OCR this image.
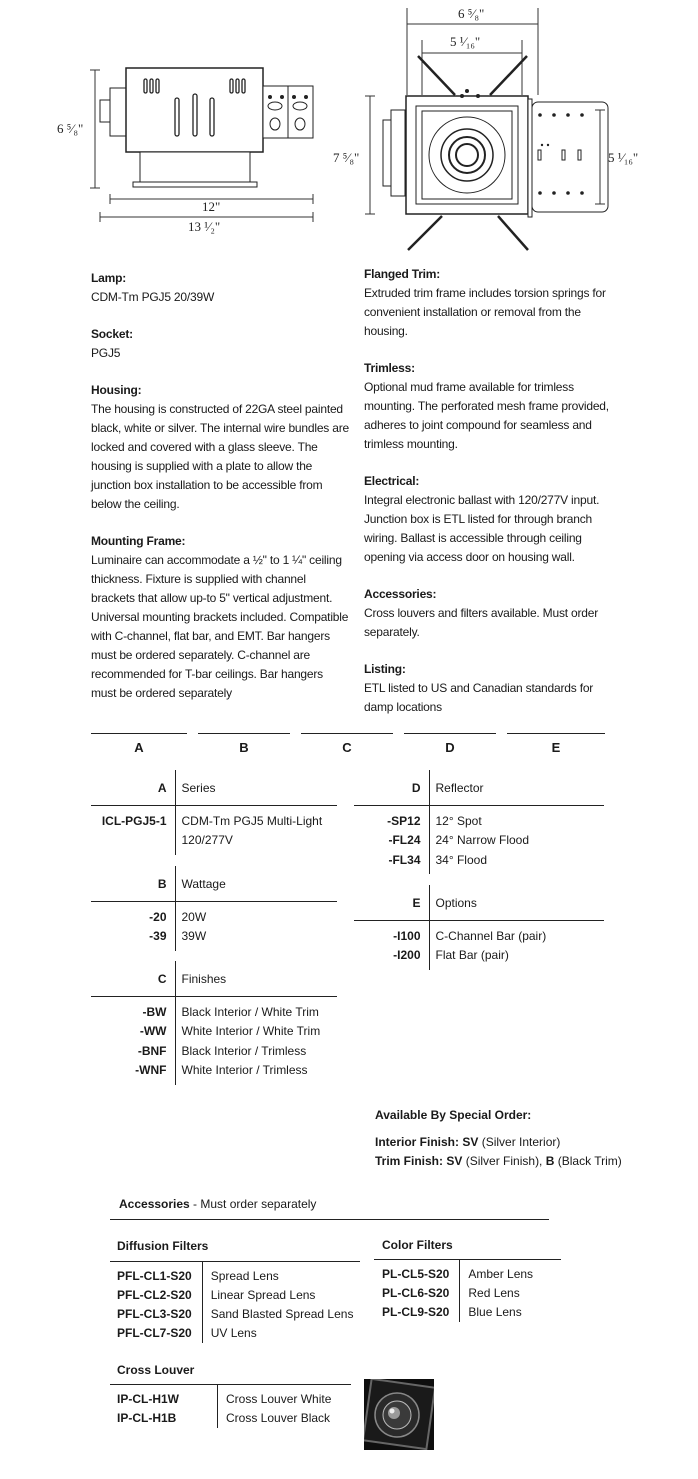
6 ⁵⁄₈"
12"
13 ¹⁄₂"
6 ⁵⁄₈"
5 ¹⁄₁₆"
7 ⁵⁄₈"	5 ¹⁄₁₆"

Lamp:
CDM-Tm PGJ5 20/39W

Socket:
PGJ5

Housing:
The housing is constructed of 22GA steel painted black, white or silver. The internal wire bundles are locked and covered with a glass sleeve. The housing is supplied with a plate to allow the junction box installation to be accessible from below the ceiling.

Mounting Frame:
Luminaire can accommodate a ½" to 1 ¼" ceiling thickness. Fixture is supplied with channel brackets that allow up-to 5" vertical adjustment. Universal mounting brackets included. Compatible with C-channel, flat bar, and EMT. Bar hangers must be ordered separately. C-channel are recommended for T-bar ceilings. Bar hangers must be ordered separately

Flanged Trim:
Extruded trim frame includes torsion springs for convenient installation or removal from the housing.

Trimless:
Optional mud frame available for trimless mounting. The perforated mesh frame provided, adheres to joint compound for seamless and trimless mounting.

Electrical:
Integral electronic ballast with 120/277V input. Junction box is ETL listed for through branch wiring. Ballast is accessible through ceiling opening via access door on housing wall.

Accessories:
Cross louvers and filters available. Must order separately.

Listing:
ETL listed to US and Canadian standards for damp locations

A	B	C	D	E
A	Series
ICL-PGJ5-1	CDM-Tm PGJ5 Multi-Light
	120/277V
B	Wattage
-20	20W
-39	39W
C	Finishes
-BW	Black Interior / White Trim
-WW	White Interior / White Trim
-BNF	Black Interior / Trimless
-WNF	White Interior / Trimless
D	Reflector
-SP12	12° Spot
-FL24	24° Narrow Flood
-FL34	34° Flood
E	Options
-I100	C-Channel Bar (pair)
-I200	Flat Bar (pair)
Available By Special Order:
Interior Finish: SV (Silver Interior)
Trim Finish: SV (Silver Finish), B (Black Trim)
Accessories - Must order separately
Diffusion Filters
PFL-CL1-S20	Spread Lens
PFL-CL2-S20	Linear Spread Lens
PFL-CL3-S20	Sand Blasted Spread Lens
PFL-CL7-S20	UV Lens
Color Filters
PL-CL5-S20	Amber Lens
PL-CL6-S20	Red Lens
PL-CL9-S20	Blue Lens
Cross Louver
IP-CL-H1W	Cross Louver White
IP-CL-H1B	Cross Louver Black
